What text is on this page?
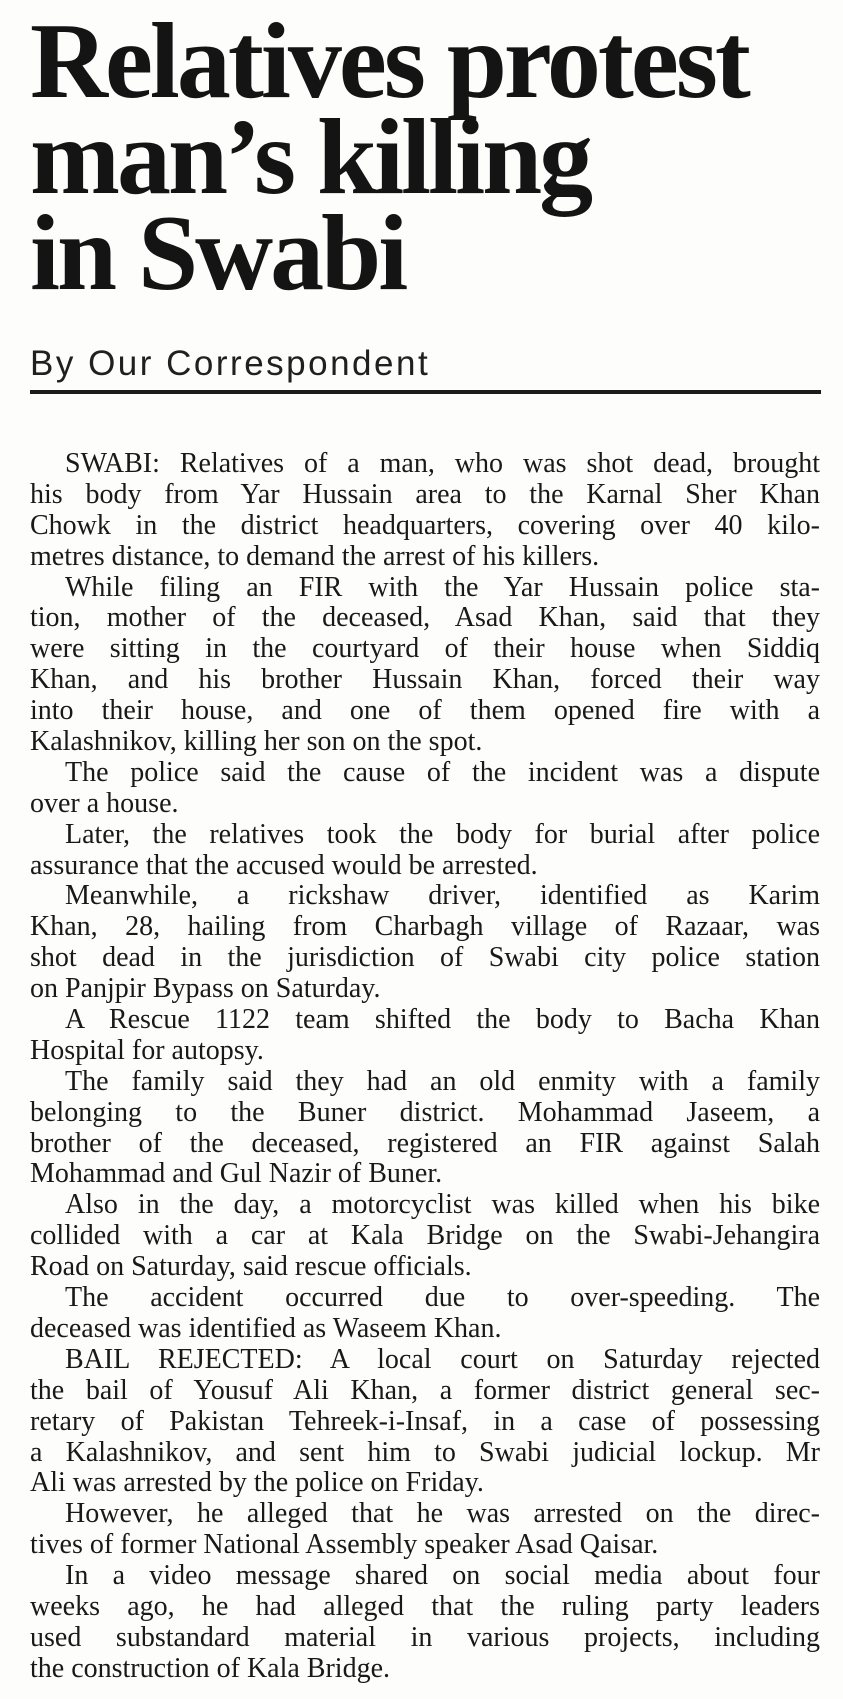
Relatives protest
man’s killing
in Swabi
By Our Correspondent
SWABI: Relatives of a man, who was shot dead, brought
his body from Yar Hussain area to the Karnal Sher Khan
Chowk in the district headquarters, covering over 40 kilo-
metres distance, to demand the arrest of his killers.
While filing an FIR with the Yar Hussain police sta-
tion, mother of the deceased, Asad Khan, said that they
were sitting in the courtyard of their house when Siddiq
Khan, and his brother Hussain Khan, forced their way
into their house, and one of them opened fire with a
Kalashnikov, killing her son on the spot.
The police said the cause of the incident was a dispute
over a house.
Later, the relatives took the body for burial after police
assurance that the accused would be arrested.
Meanwhile, a rickshaw driver, identified as Karim
Khan, 28, hailing from Charbagh village of Razaar, was
shot dead in the jurisdiction of Swabi city police station
on Panjpir Bypass on Saturday.
A Rescue 1122 team shifted the body to Bacha Khan
Hospital for autopsy.
The family said they had an old enmity with a family
belonging to the Buner district. Mohammad Jaseem, a
brother of the deceased, registered an FIR against Salah
Mohammad and Gul Nazir of Buner.
Also in the day, a motorcyclist was killed when his bike
collided with a car at Kala Bridge on the Swabi-Jehangira
Road on Saturday, said rescue officials.
The accident occurred due to over-speeding. The
deceased was identified as Waseem Khan.
BAIL REJECTED: A local court on Saturday rejected
the bail of Yousuf Ali Khan, a former district general sec-
retary of Pakistan Tehreek-i-Insaf, in a case of possessing
a Kalashnikov, and sent him to Swabi judicial lockup. Mr
Ali was arrested by the police on Friday.
However, he alleged that he was arrested on the direc-
tives of former National Assembly speaker Asad Qaisar.
In a video message shared on social media about four
weeks ago, he had alleged that the ruling party leaders
used substandard material in various projects, including
the construction of Kala Bridge.
